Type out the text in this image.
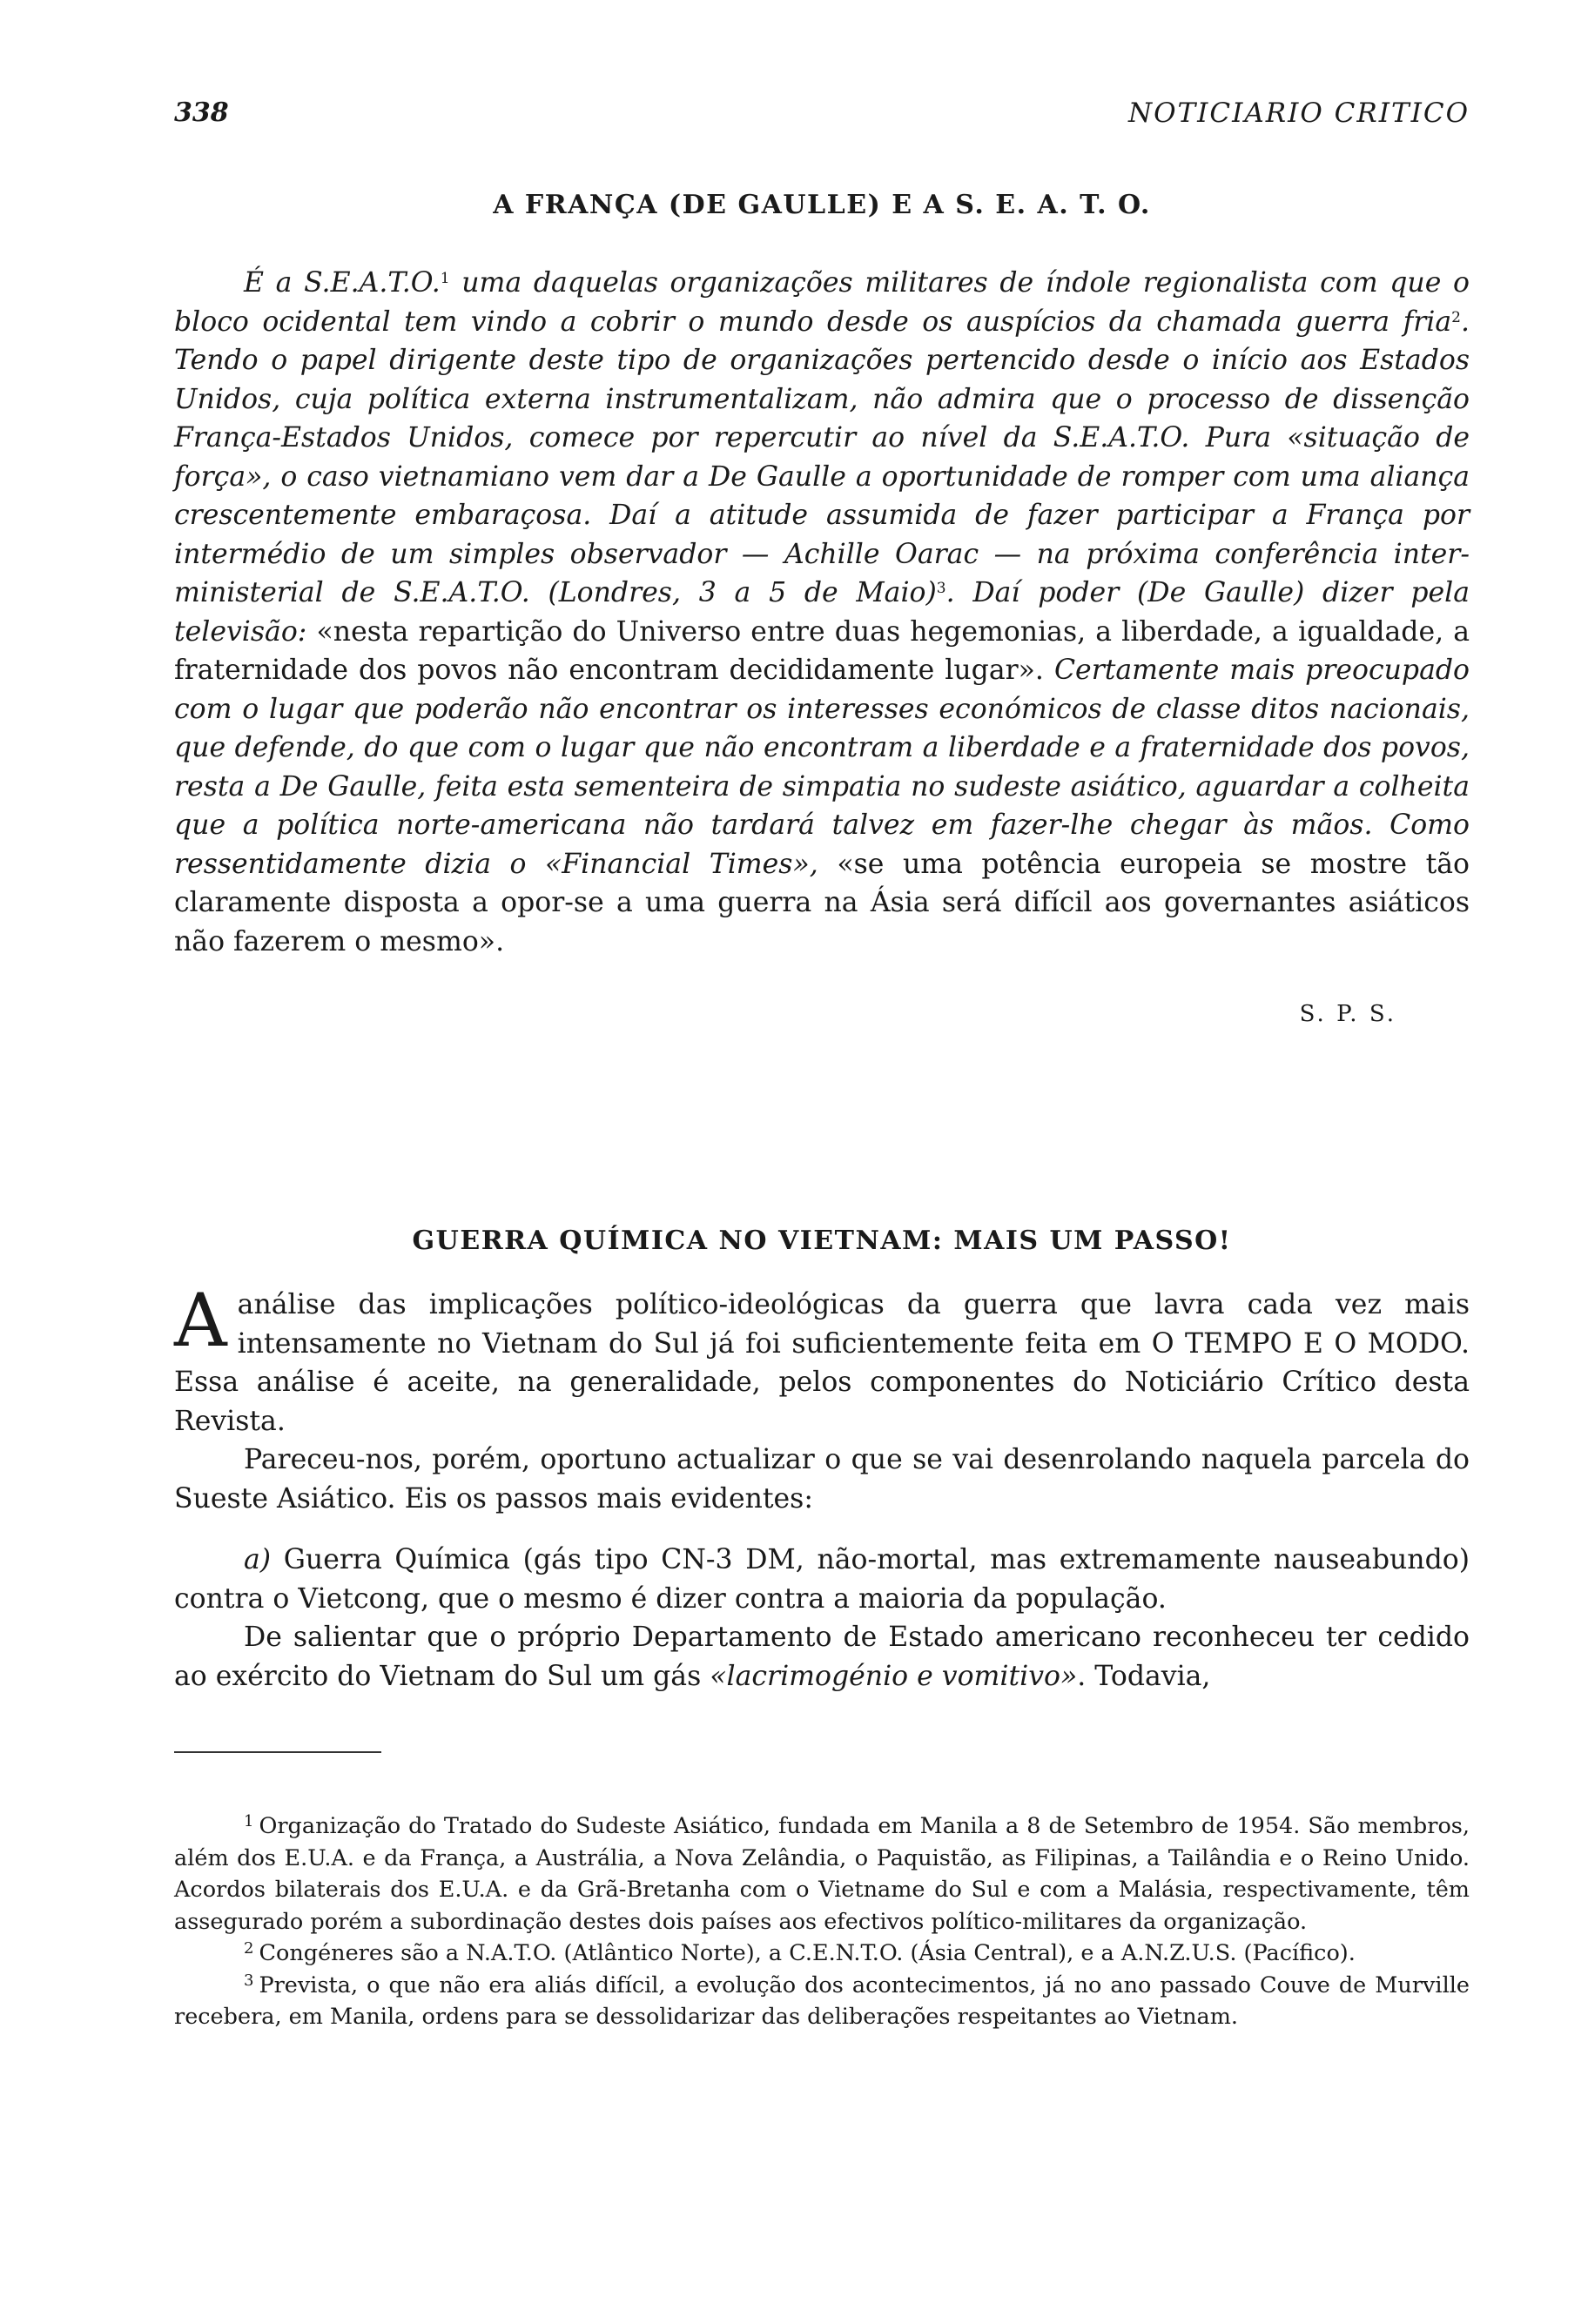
338	NOTICIARIO CRITICO
A FRANÇA (DE GAULLE) E A S. E. A. T. O.

É a S.E.A.T.O.$^1$ uma daquelas organizações militares de índole regionalista com que o bloco ocidental tem vindo a cobrir o mundo desde os auspícios da chamada guerra fria$^2$. Tendo o papel dirigente deste tipo de organizações pertencido desde o início aos Estados Unidos, cuja política externa instrumentalizam, não admira que o processo de dissenção França-Estados Unidos, comece por repercutir ao nível da S.E.A.T.O. Pura «situação de força», o caso vietnamiano vem dar a De Gaulle a oportunidade de romper com uma aliança crescentemente embaraçosa. Daí a atitude assumida de fazer participar a França por intermédio de um simples observador — Achille Oarac — na próxima conferência inter-ministerial de S.E.A.T.O. (Londres, 3 a 5 de Maio)$^3$. Daí poder (De Gaulle) dizer pela televisão: «nesta repartição do Universo entre duas hegemonias, a liberdade, a igualdade, a fraternidade dos povos não encontram decididamente lugar». Certamente mais preocupado com o lugar que poderão não encontrar os interesses económicos de classe ditos nacionais, que defende, do que com o lugar que não encontram a liberdade e a fraternidade dos povos, resta a De Gaulle, feita esta sementeira de simpatia no sudeste asiático, aguardar a colheita que a política norte-americana não tardará talvez em fazer-lhe chegar às mãos. Como ressentidamente dizia o «Financial Times», «se uma potência europeia se mostre tão claramente disposta a opor-se a uma guerra na Ásia será difícil aos governantes asiáticos não fazerem o mesmo».

S. P. S.
GUERRA QUÍMICA NO VIETNAM: MAIS UM PASSO!

Aanálise das implicações político-ideológicas da guerra que lavra cada vez mais intensamente no Vietnam do Sul já foi suficientemente feita em O TEMPO E O MODO. Essa análise é aceite, na generalidade, pelos componentes do Noticiário Crítico desta Revista.

Pareceu-nos, porém, oportuno actualizar o que se vai desenrolando naquela parcela do Sueste Asiático. Eis os passos mais evidentes:

a) Guerra Química (gás tipo CN-3 DM, não-mortal, mas extremamente nauseabundo) contra o Vietcong, que o mesmo é dizer contra a maioria da população.

De salientar que o próprio Departamento de Estado americano reconheceu ter cedido ao exército do Vietnam do Sul um gás «lacrimogénio e vomitivo». Todavia,

$^1$ Organização do Tratado do Sudeste Asiático, fundada em Manila a 8 de Setembro de 1954. São membros, além dos E.U.A. e da França, a Austrália, a Nova Zelândia, o Paquistão, as Filipinas, a Tailândia e o Reino Unido. Acordos bilaterais dos E.U.A. e da Grã-Bretanha com o Vietname do Sul e com a Malásia, respectivamente, têm assegurado porém a subordinação destes dois países aos efectivos político-militares da organização.

$^2$ Congéneres são a N.A.T.O. (Atlântico Norte), a C.E.N.T.O. (Ásia Central), e a A.N.Z.U.S. (Pacífico).

$^3$ Prevista, o que não era aliás difícil, a evolução dos acontecimentos, já no ano passado Couve de Murville recebera, em Manila, ordens para se dessolidarizar das deliberações respeitantes ao Vietnam.
